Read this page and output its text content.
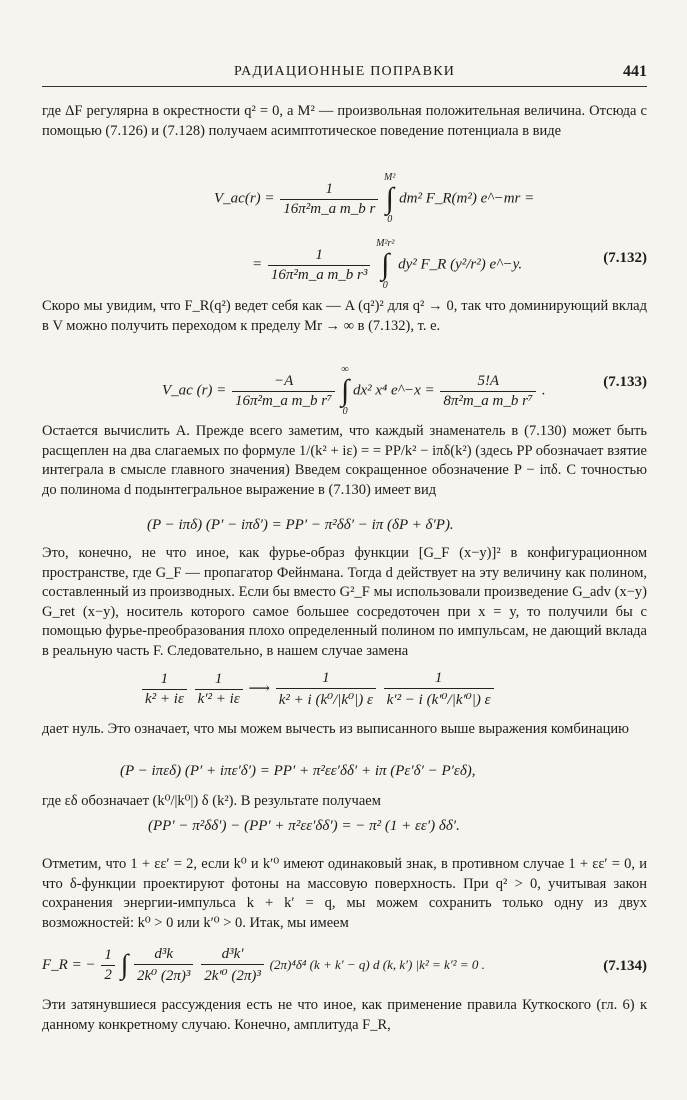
РАДИАЦИОННЫЕ ПОПРАВКИ	441

где ΔF регулярна в окрестности q² = 0, а M² — произвольная положительная величина. Отсюда с помощью (7.126) и (7.128) получаем асимптотическое поведение потенциала в виде

V_ac(r) = $\frac{1}{\text{16π²m\_a m\_b r}}$
M²
∫
0 dm² F_R(m²) e^−mr =
= $\frac{1}{\text{16π²m\_a m\_b r³}}$
M²r²
∫
0 dy² F_R (y²/r²) e^−y.	(7.132)

Скоро мы увидим, что F_R(q²) ведет себя как — A (q²)² для q² → 0, так что доминирующий вклад в V можно получить переходом к пределу Mr → ∞ в (7.132), т. е.

V_ac $(r) = \frac{-A}{\text{16π²m\_a m\_b r⁷}}$
∞
∫
0 dx² x⁴ e^−x = $\frac{5!A}{\text{8π²m\_a m\_b r⁷}}$ .
(7.133)

Остается вычислить A. Прежде всего заметим, что каждый знаменатель в (7.130) может быть расщеплен на два слагаемых по формуле 1/(k² + iε) = = PP/k² − iπδ(k²) (здесь PP обозначает взятие интеграла в смысле главного значения) Введем сокращенное обозначение P − iπδ. С точностью до полинома d подынтегральное выражение в (7.130) имеет вид

(P − iπδ) (P′ − iπδ′) = PP′ − π²δδ′ − iπ (δP + δ′P).

Это, конечно, не что иное, как фурье-образ функции [G_F (x−y)]² в конфигурационном пространстве, где G_F — пропагатор Фейнмана. Тогда d действует на эту величину как полином, составленный из производных. Если бы вместо G²_F мы использовали произведение G_adv (x−y) G_ret (x−y), носитель которого самое большее сосредоточен при x = y, то получили бы с помощью фурье-преобразования плохо определенный полином по импульсам, не дающий вклада в реальную часть F. Следовательно, в нашем случае замена

$\frac{1}{\text{k² + iε}}$
$\frac{1}{\text{k′² + iε}}$ ⟶ $\frac{1}{\text{k² + i (k⁰/|k⁰|) ε}}$
$\frac{1}{\text{k′² − i (k′⁰/|k′⁰|) ε}}$

дает нуль. Это означает, что мы можем вычесть из выписанного выше выражения комбинацию

(P − iπεδ) (P′ + iπε′δ′) = PP′ + π²εε′δδ′ + iπ (Pε′δ′ − P′εδ),

где εδ обозначает (k⁰/|k⁰|) δ (k²). В результате получаем

(PP′ − π²δδ′) − (PP′ + π²εε′δδ′) = − π² (1 + εε′) δδ′.

Отметим, что 1 + εε′ = 2, если k⁰ и k′⁰ имеют одинаковый знак, в противном случае 1 + εε′ = 0, и что δ-функции проектируют фотоны на массовую поверхность. При q² > 0, учитывая закон сохранения энергии-импульса k + k′ = q, мы можем сохранить только одну из двух возможностей: k⁰ > 0 или k′⁰ > 0. Итак, мы имеем

F_R = − $\frac{1}{2}$ ∫ $\frac{\text{d³k}}{\text{2k⁰ (2π)³}}$
$\frac{\text{d³k′}}{\text{2k′⁰ (2π)³}} (2\pi)^4\delta^4$ (k + k′ − q) d (k, k′) |k² = k′² = 0 .	(7.134)

Эти затянувшиеся рассуждения есть не что иное, как применение правила Куткоского (гл. 6) к данному конкретному случаю. Конечно, амплитуда F_R,
